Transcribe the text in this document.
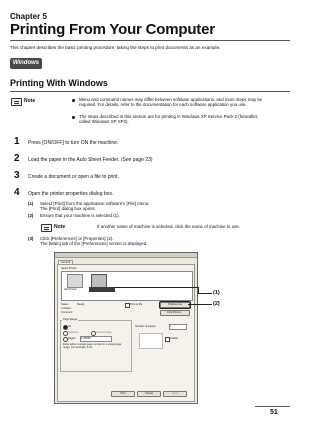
Chapter 5
Printing From Your Computer
This chapter describes the basic printing procedure, taking the steps to print documents as an example.
Windows
Printing With Windows
Note	Menu and command names may differ between software applications, and more steps may be required. For details, refer to the documentation for each software application you use.
The steps described in this section are for printing in Windows XP Service Pack 2 (hereafter, called Windows XP SP2).
1 Press [ON/OFF] to turn ON the machine.
2 Load the paper in the Auto Sheet Feeder. (See page 23)
3 Create a document or open a file to print.
4 Open the printer properties dialog box.
(1) Select [Print] from the application software's [File] menu.
The [Print] dialog box opens.
(2) Ensure that your machine is selected (1).
Note	If another name of machine is selected, click the name of machine to use.
(3) Click [Preferences] or [Properties] (2).
The [Main] tab of the [Preferences] screen is displayed.
General
Select Printer
Add Printer
Status:	Ready
Location:
Comment:
Print to file	Preferences
Find Printer...
Page Range
All
Selection	Current Page
Pages:	1-65535
Enter either a single page number or a single page range. For example, 5-12
Number of copies:	1
Collate
Print	Cancel	Apply
(1)
(2)
51
